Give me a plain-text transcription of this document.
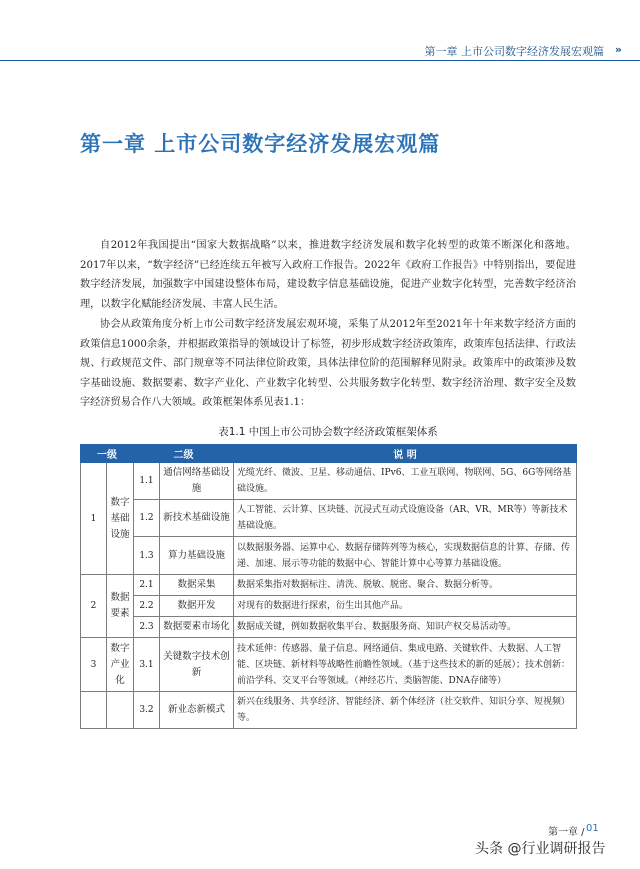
第一章 上市公司数字经济发展宏观篇 »
第一章 上市公司数字经济发展宏观篇

自2012年我国提出“国家大数据战略”以来，推进数字经济发展和数字化转型的政策不断深化和落地。2017年以来，“数字经济”已经连续五年被写入政府工作报告。2022年《政府工作报告》中特别指出，要促进数字经济发展，加强数字中国建设整体布局，建设数字信息基础设施，促进产业数字化转型，完善数字经济治理，以数字化赋能经济发展、丰富人民生活。

协会从政策角度分析上市公司数字经济发展宏观环境，采集了从2012年至2021年十年来数字经济方面的政策信息1000余条，并根据政策指导的领域设计了标签，初步形成数字经济政策库，政策库包括法律、行政法规、行政规范文件、部门规章等不同法律位阶政策，具体法律位阶的范围解释见附录。政策库中的政策涉及数字基础设施、数据要素、数字产业化、产业数字化转型、公共服务数字化转型、数字经济治理、数字安全及数字经济贸易合作八大领域。政策框架体系见表1.1：

表1.1 中国上市公司协会数字经济政策框架体系
一级		二级		说 明
1	数字基础设施	1.1	通信网络基础设施	光缆光纤、微波、卫星、移动通信、IPv6、工业互联网、物联网、5G、6G等网络基础设施。
		1.2	新技术基础设施	人工智能、云计算、区块链、沉浸式互动式设施设备（AR、VR、MR等）等新技术基础设施。
		1.3	算力基础设施	以数据服务器、运算中心、数据存储阵列等为核心，实现数据信息的计算、存储、传递、加速、展示等功能的数据中心、智能计算中心等算力基础设施。
2	数据要素	2.1	数据采集	数据采集指对数据标注、清洗、脱敏、脱密、聚合、数据分析等。
		2.2	数据开发	对现有的数据进行探索，衍生出其他产品。
		2.3	数据要素市场化	数据成关键，例如数据收集平台、数据服务商、知识产权交易活动等。
3	数字产业化	3.1	关键数字技术创新	技术延伸：传感器、量子信息、网络通信、集成电路、关键软件、大数据、人工智能、区块链、新材料等战略性前瞻性领域。（基于这些技术的新的延展）；技术创新：前沿学科、交叉平台等领域。（神经芯片、类脑智能、DNA存储等）
		3.2	新业态新模式	新兴在线服务、共享经济、智能经济、新个体经济（社交软件、知识分享、短视频）等。
第一章 / 01
头条 @行业调研报告
